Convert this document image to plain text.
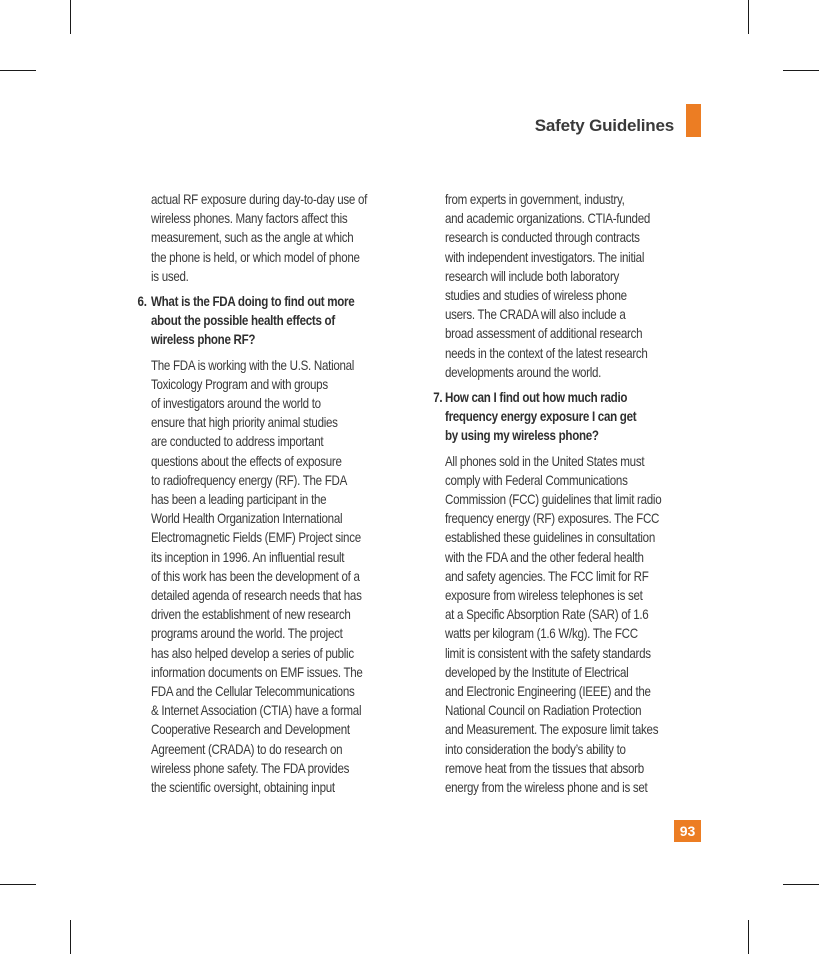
Safety Guidelines

actual RF exposure during day-to-day use of

wireless phones. Many factors affect this

measurement, such as the angle at which

the phone is held, or which model of phone

is used.

6. What is the FDA doing to find out more

about the possible health effects of

wireless phone RF?

The FDA is working with the U.S. National

Toxicology Program and with groups

of investigators around the world to

ensure that high priority animal studies

are conducted to address important

questions about the effects of exposure

to radiofrequency energy (RF). The FDA

has been a leading participant in the

World Health Organization International

Electromagnetic Fields (EMF) Project since

its inception in 1996. An influential result

of this work has been the development of a

detailed agenda of research needs that has

driven the establishment of new research

programs around the world. The project

has also helped develop a series of public

information documents on EMF issues. The

FDA and the Cellular Telecommunications

& Internet Association (CTIA) have a formal

Cooperative Research and Development

Agreement (CRADA) to do research on

wireless phone safety. The FDA provides

the scientific oversight, obtaining input

from experts in government, industry,

and academic organizations. CTIA-funded

research is conducted through contracts

with independent investigators. The initial

research will include both laboratory

studies and studies of wireless phone

users. The CRADA will also include a

broad assessment of additional research

needs in the context of the latest research

developments around the world.

7. How can I find out how much radio

frequency energy exposure I can get

by using my wireless phone?

All phones sold in the United States must

comply with Federal Communications

Commission (FCC) guidelines that limit radio

frequency energy (RF) exposures. The FCC

established these guidelines in consultation

with the FDA and the other federal health

and safety agencies. The FCC limit for RF

exposure from wireless telephones is set

at a Specific Absorption Rate (SAR) of 1.6

watts per kilogram (1.6 W/kg). The FCC

limit is consistent with the safety standards

developed by the Institute of Electrical

and Electronic Engineering (IEEE) and the

National Council on Radiation Protection

and Measurement. The exposure limit takes

into consideration the body’s ability to

remove heat from the tissues that absorb

energy from the wireless phone and is set

93
